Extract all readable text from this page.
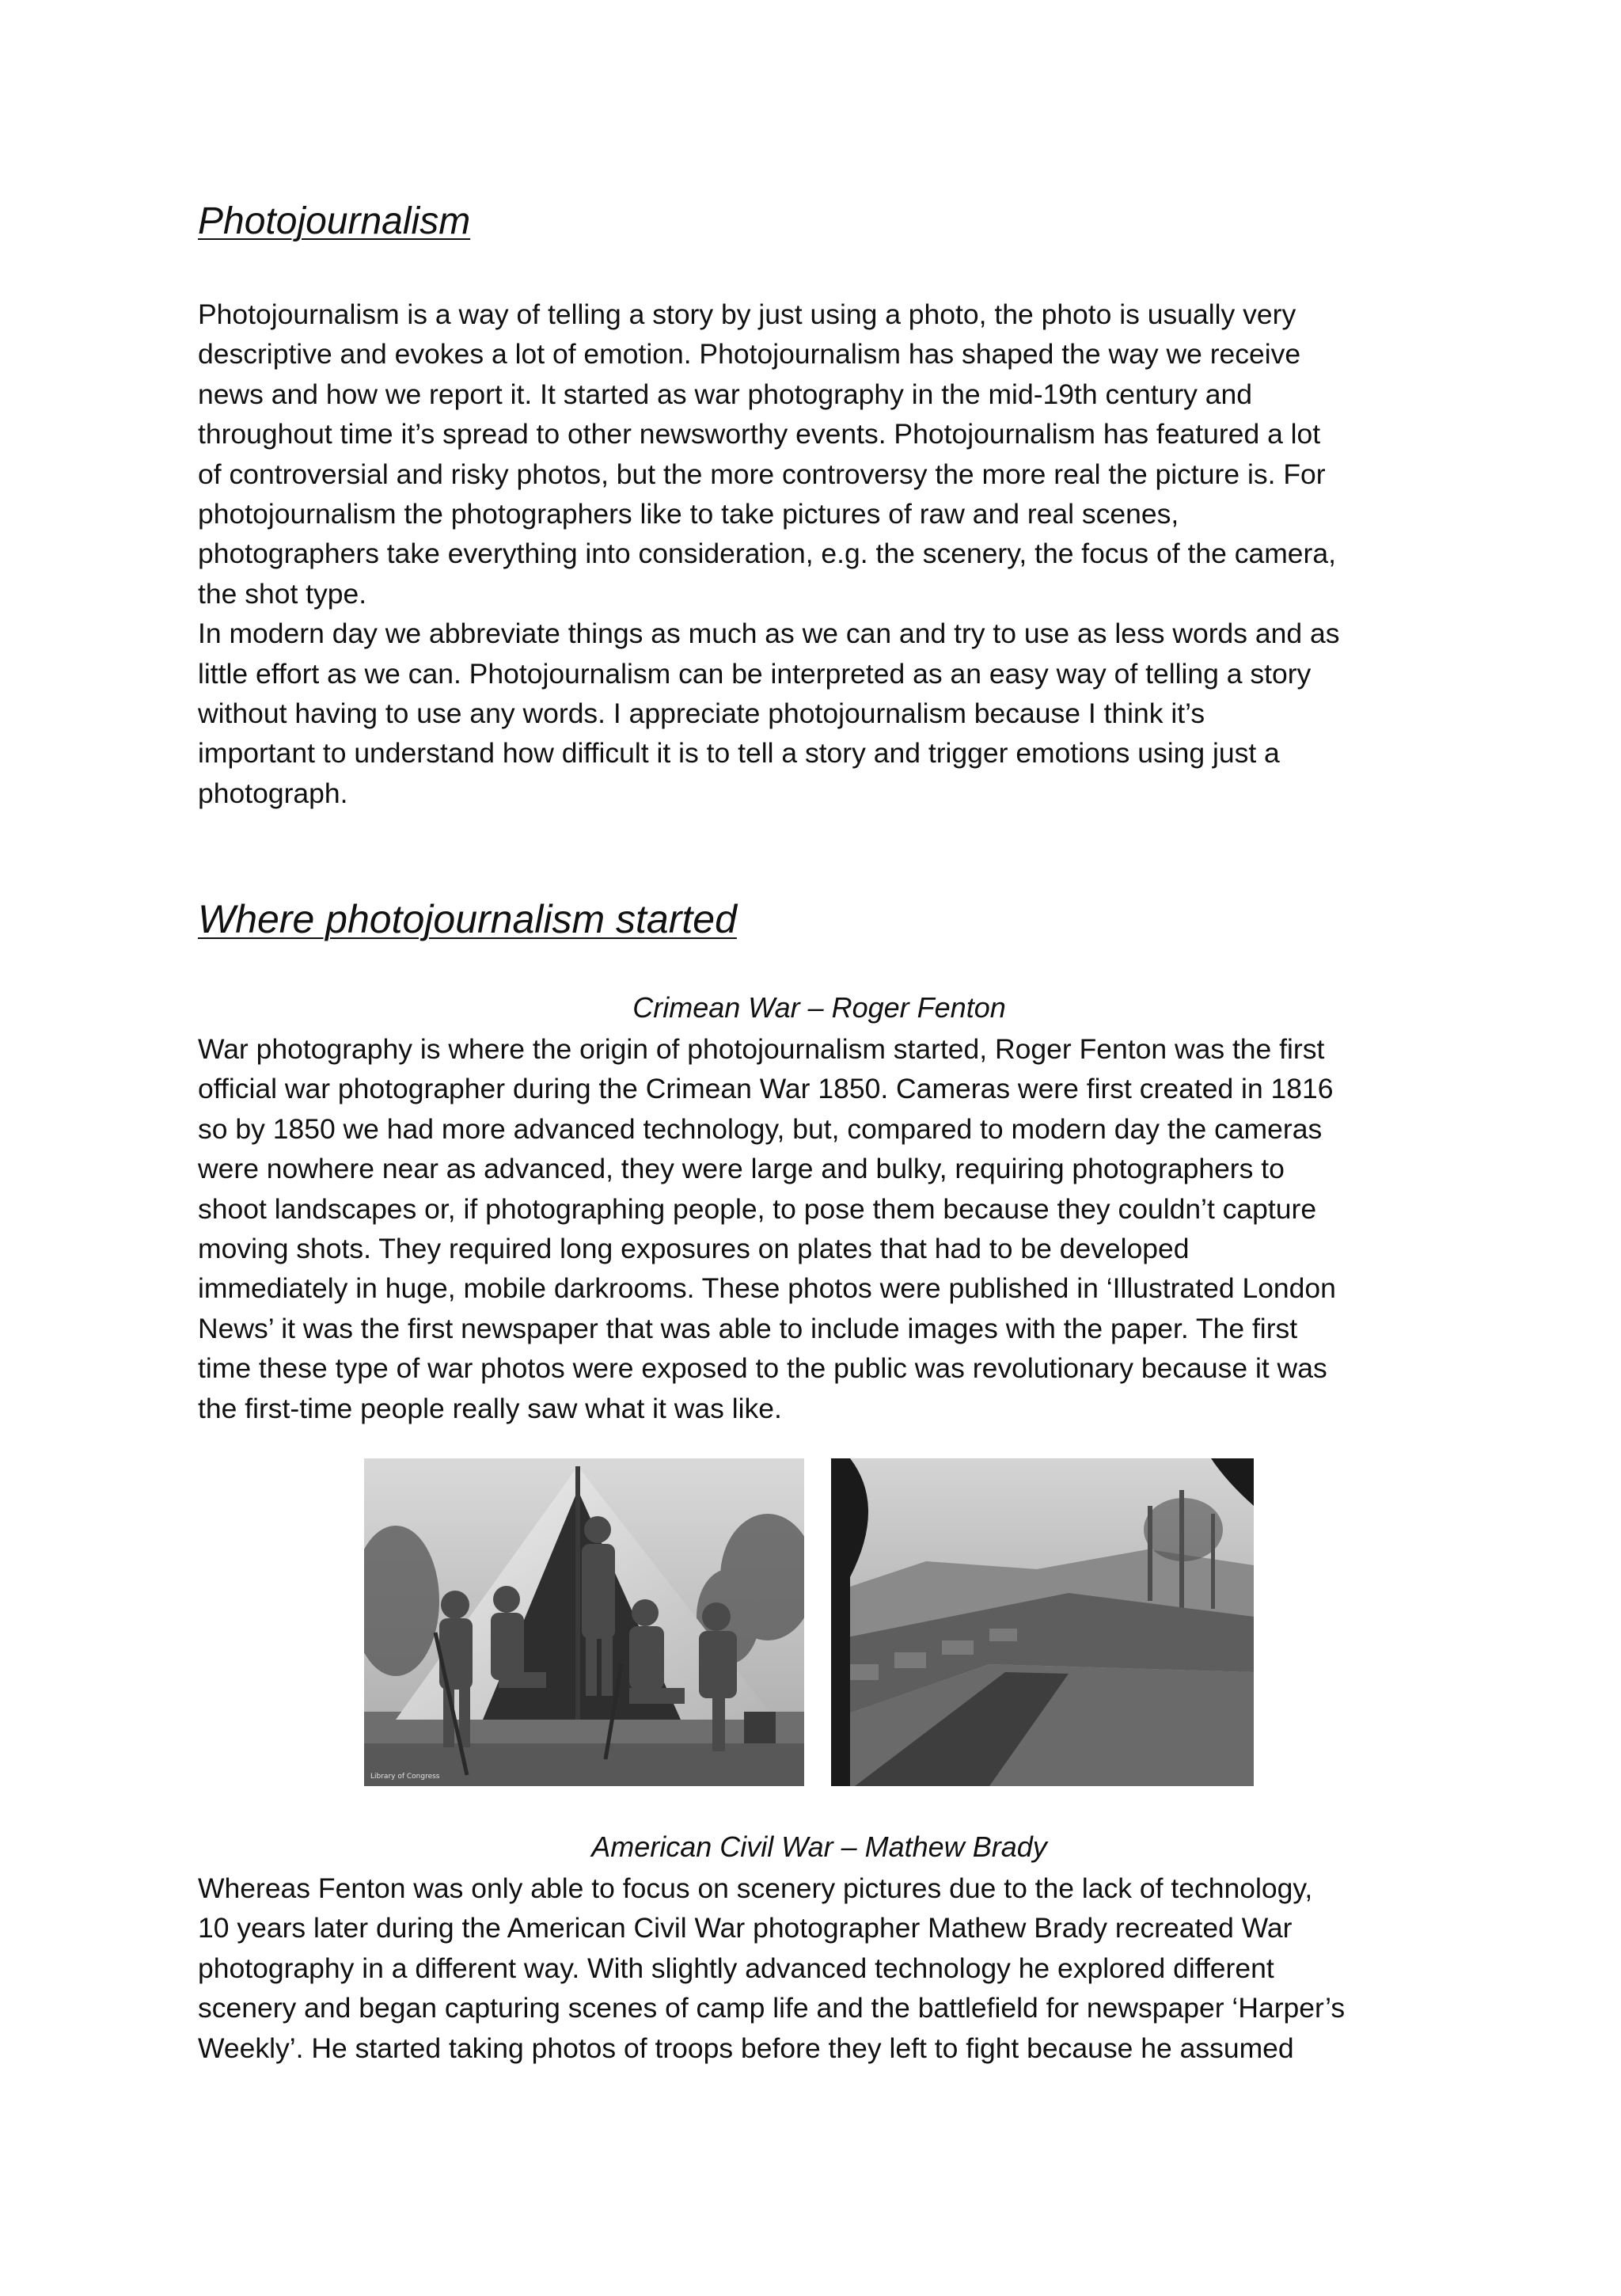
Photojournalism
Photojournalism is a way of telling a story by just using a photo, the photo is usually very
descriptive and evokes a lot of emotion. Photojournalism has shaped the way we receive
news and how we report it. It started as war photography in the mid-19th century and
throughout time it’s spread to other newsworthy events. Photojournalism has featured a lot
of controversial and risky photos, but the more controversy the more real the picture is. For
photojournalism the photographers like to take pictures of raw and real scenes,
photographers take everything into consideration, e.g. the scenery, the focus of the camera,
the shot type.
In modern day we abbreviate things as much as we can and try to use as less words and as
little effort as we can. Photojournalism can be interpreted as an easy way of telling a story
without having to use any words. I appreciate photojournalism because I think it’s
important to understand how difficult it is to tell a story and trigger emotions using just a
photograph.
Where photojournalism started

Crimean War – Roger Fenton

War photography is where the origin of photojournalism started, Roger Fenton was the first
official war photographer during the Crimean War 1850. Cameras were first created in 1816
so by 1850 we had more advanced technology, but, compared to modern day the cameras
were nowhere near as advanced, they were large and bulky, requiring photographers to
shoot landscapes or, if photographing people, to pose them because they couldn’t capture
moving shots. They required long exposures on plates that had to be developed
immediately in huge, mobile darkrooms. These photos were published in ‘Illustrated London
News’ it was the first newspaper that was able to include images with the paper. The first
time these type of war photos were exposed to the public was revolutionary because it was
the first-time people really saw what it was like.

American Civil War – Mathew Brady

Whereas Fenton was only able to focus on scenery pictures due to the lack of technology,
10 years later during the American Civil War photographer Mathew Brady recreated War
photography in a different way. With slightly advanced technology he explored different
scenery and began capturing scenes of camp life and the battlefield for newspaper ‘Harper’s
Weekly’. He started taking photos of troops before they left to fight because he assumed
Library of Congress
